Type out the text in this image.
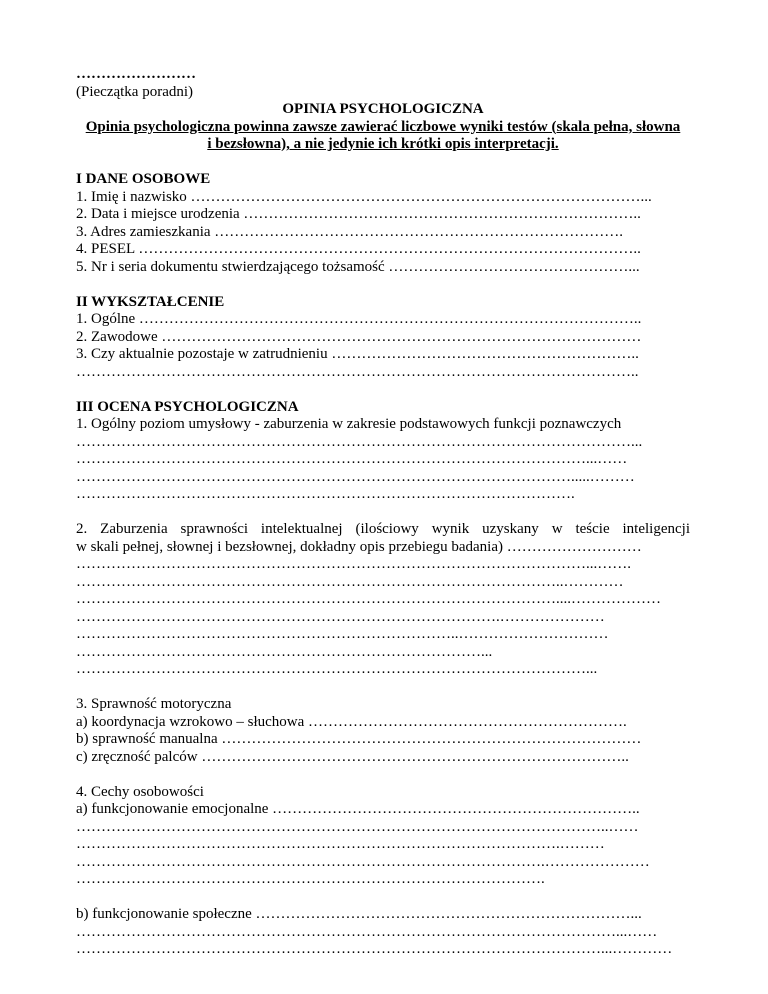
……………………
(Pieczątka poradni)
OPINIA PSYCHOLOGICZNA
Opinia psychologiczna powinna zawsze zawierać liczbowe wyniki testów (skala pełna, słowna
i bezsłowna), a nie jedynie ich krótki opis interpretacji.
I DANE OSOBOWE
1. Imię i nazwisko ………………………………………………………………………………...
2. Data i miejsce urodzenia ……………………………………………………………………..
3. Adres zamieszkania ……………………………………………………………………….
4. PESEL ………………………………………………………………………………………..
5. Nr i seria dokumentu stwierdzającego tożsamość …………………………………………...
II WYKSZTAŁCENIE
1. Ogólne ………………………………………………………………………………………..
2. Zawodowe ……………………………………………………………………………………
3. Czy aktualnie pozostaje w zatrudnieniu ……………………………………………………..
…………………………………………………………………………………………………..
III OCENA PSYCHOLOGICZNA
1. Ogólny poziom umysłowy - zaburzenia w zakresie podstawowych funkcji poznawczych
…………………………………………………………………………………………………...
…………………………………………………………………………………………...……
……………………………………………………………………………………….....………
……………………………………………………………………………………….
2. Zaburzenia sprawności intelektualnej (ilościowy wynik uzyskany w teście inteligencji
w skali pełnej, słownej i bezsłownej, dokładny opis przebiegu badania) ………………………
…………………………………………………………………………………………...…….
……………………………………………………………………………………..…………
……………………………………………………………………………………....………………
………………………………………………………………………….…………………
…………………………………………………………………..…………………………
………………………………………………………………………...
…………………………………………………………………………………………...
3. Sprawność motoryczna
a) koordynacja wzrokowo – słuchowa ……………………………………………………….
b) sprawność manualna …………………………………………………………………………
c) zręczność palców …………………………………………………………………………..
4. Cechy osobowości
a) funkcjonowanie emocjonalne ………………………………………………………………..
……………………………………………………………………………………………..……
…………………………………………………………………………………….………
………………………………………………………………………………….…………………
………………………………………………………………………………….
b) funkcjonowanie społeczne …………………………………………………………………...
………………………………………………………………………………………………...……
……………………………………………………………………………………………...…………
